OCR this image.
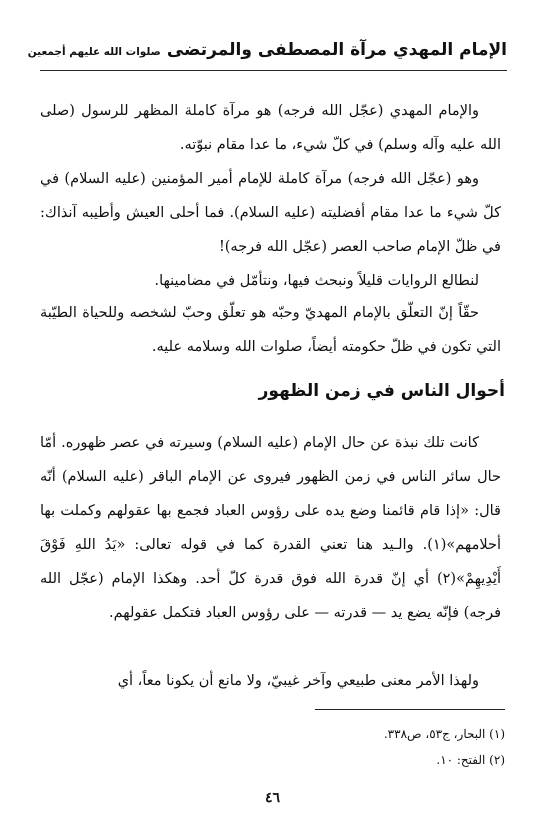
الإمام المهدي مرآة المصطفى والمرتضى
صلوات الله عليهم أجمعين
والإمام المهدي (عجّل الله فرجه) هو مرآة كاملة المظهر للرسول (صلى الله عليه وآله وسلم) في كلّ شيء، ما عدا مقام نبوّته.
وهو (عجّل الله فرجه) مرآة كاملة للإمام أمير المؤمنين (عليه السلام) في كلّ شيء ما عدا مقام أفضليته (عليه السلام). فما أحلى العيش وأطيبه آنذاك: في ظلّ الإمام صاحب العصر (عجّل الله فرجه)!
لنطالع الروايات قليلاً ونبحث فيها، ونتأمّل في مضامينها.
حقّاً إنّ التعلّق بالإمام المهديّ وحبّه هو تعلّق وحبّ لشخصه وللحياة الطيّبة التي تكون في ظلّ حكومته أيضاً، صلوات الله وسلامه عليه.
أحوال الناس في زمن الظهور
كانت تلك نبذة عن حال الإمام (عليه السلام) وسيرته في عصر ظهوره. أمّا حال سائر الناس في زمن الظهور فيروى عن الإمام الباقر (عليه السلام) أنّه قال: «إذا قام قائمنا وضع يده على رؤوس العباد فجمع بها عقولهم وكملت بها أحلامهم»(١). والـيد هنا تعني القدرة كما في قوله تعالى: «يَدُ اللهِ فَوْقَ أَيْدِيهِمْ»(٢) أي إنّ قدرة الله فوق قدرة كلّ أحد. وهكذا الإمام (عجّل الله فرجه) فإنّه يضع يد — قدرته — على رؤوس العباد فتكمل عقولهم.
ولهذا الأمر معنى طبيعي وآخر غيبيّ، ولا مانع أن يكونا معاً، أي
(١) البحار، ج٥٣، ص٣٣٨.
(٢) الفتح: ١٠.
٤٦
